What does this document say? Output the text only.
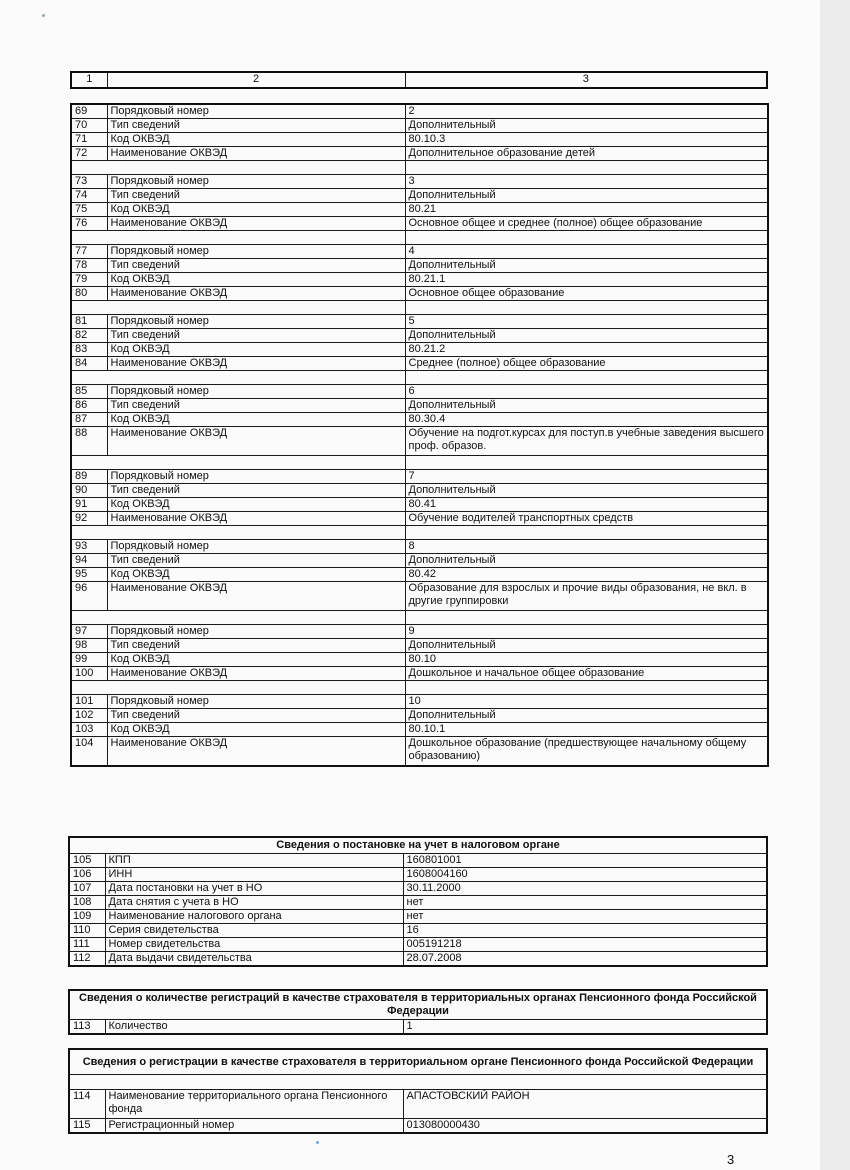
1	2	3
69	Порядковый номер	2
70	Тип сведений	Дополнительный
71	Код ОКВЭД	80.10.3
72	Наименование ОКВЭД	Дополнительное образование детей

73	Порядковый номер	3
74	Тип сведений	Дополнительный
75	Код ОКВЭД	80.21
76	Наименование ОКВЭД	Основное общее и среднее (полное) общее образование

77	Порядковый номер	4
78	Тип сведений	Дополнительный
79	Код ОКВЭД	80.21.1
80	Наименование ОКВЭД	Основное общее образование

81	Порядковый номер	5
82	Тип сведений	Дополнительный
83	Код ОКВЭД	80.21.2
84	Наименование ОКВЭД	Среднее (полное) общее образование

85	Порядковый номер	6
86	Тип сведений	Дополнительный
87	Код ОКВЭД	80.30.4
88	Наименование ОКВЭД	Обучение на подгот.курсах для поступ.в учебные заведения высшего проф. образов.

89	Порядковый номер	7
90	Тип сведений	Дополнительный
91	Код ОКВЭД	80.41
92	Наименование ОКВЭД	Обучение водителей транспортных средств

93	Порядковый номер	8
94	Тип сведений	Дополнительный
95	Код ОКВЭД	80.42
96	Наименование ОКВЭД	Образование для взрослых и прочие виды образования, не вкл. в другие группировки

97	Порядковый номер	9
98	Тип сведений	Дополнительный
99	Код ОКВЭД	80.10
100	Наименование ОКВЭД	Дошкольное и начальное общее образование

101	Порядковый номер	10
102	Тип сведений	Дополнительный
103	Код ОКВЭД	80.10.1
104	Наименование ОКВЭД	Дошкольное образование (предшествующее начальному общему образованию)
Сведения о постановке на учет в налоговом органе		
105	КПП	160801001
106	ИНН	1608004160
107	Дата постановки на учет в НО	30.11.2000
108	Дата снятия с учета в НО	нет
109	Наименование налогового органа	нет
110	Серия свидетельства	16
111	Номер свидетельства	005191218
112	Дата выдачи свидетельства	28.07.2008
Сведения о количестве регистраций в качестве страхователя в территориальных органах Пенсионного фонда Российской Федерации
113	Количество	1
Сведения о регистрации в качестве страхователя в территориальном органе Пенсионного фонда Российской Федерации		

114	Наименование территориального органа Пенсионного фонда	АПАСТОВСКИЙ РАЙОН
115	Регистрационный номер	013080000430
3
